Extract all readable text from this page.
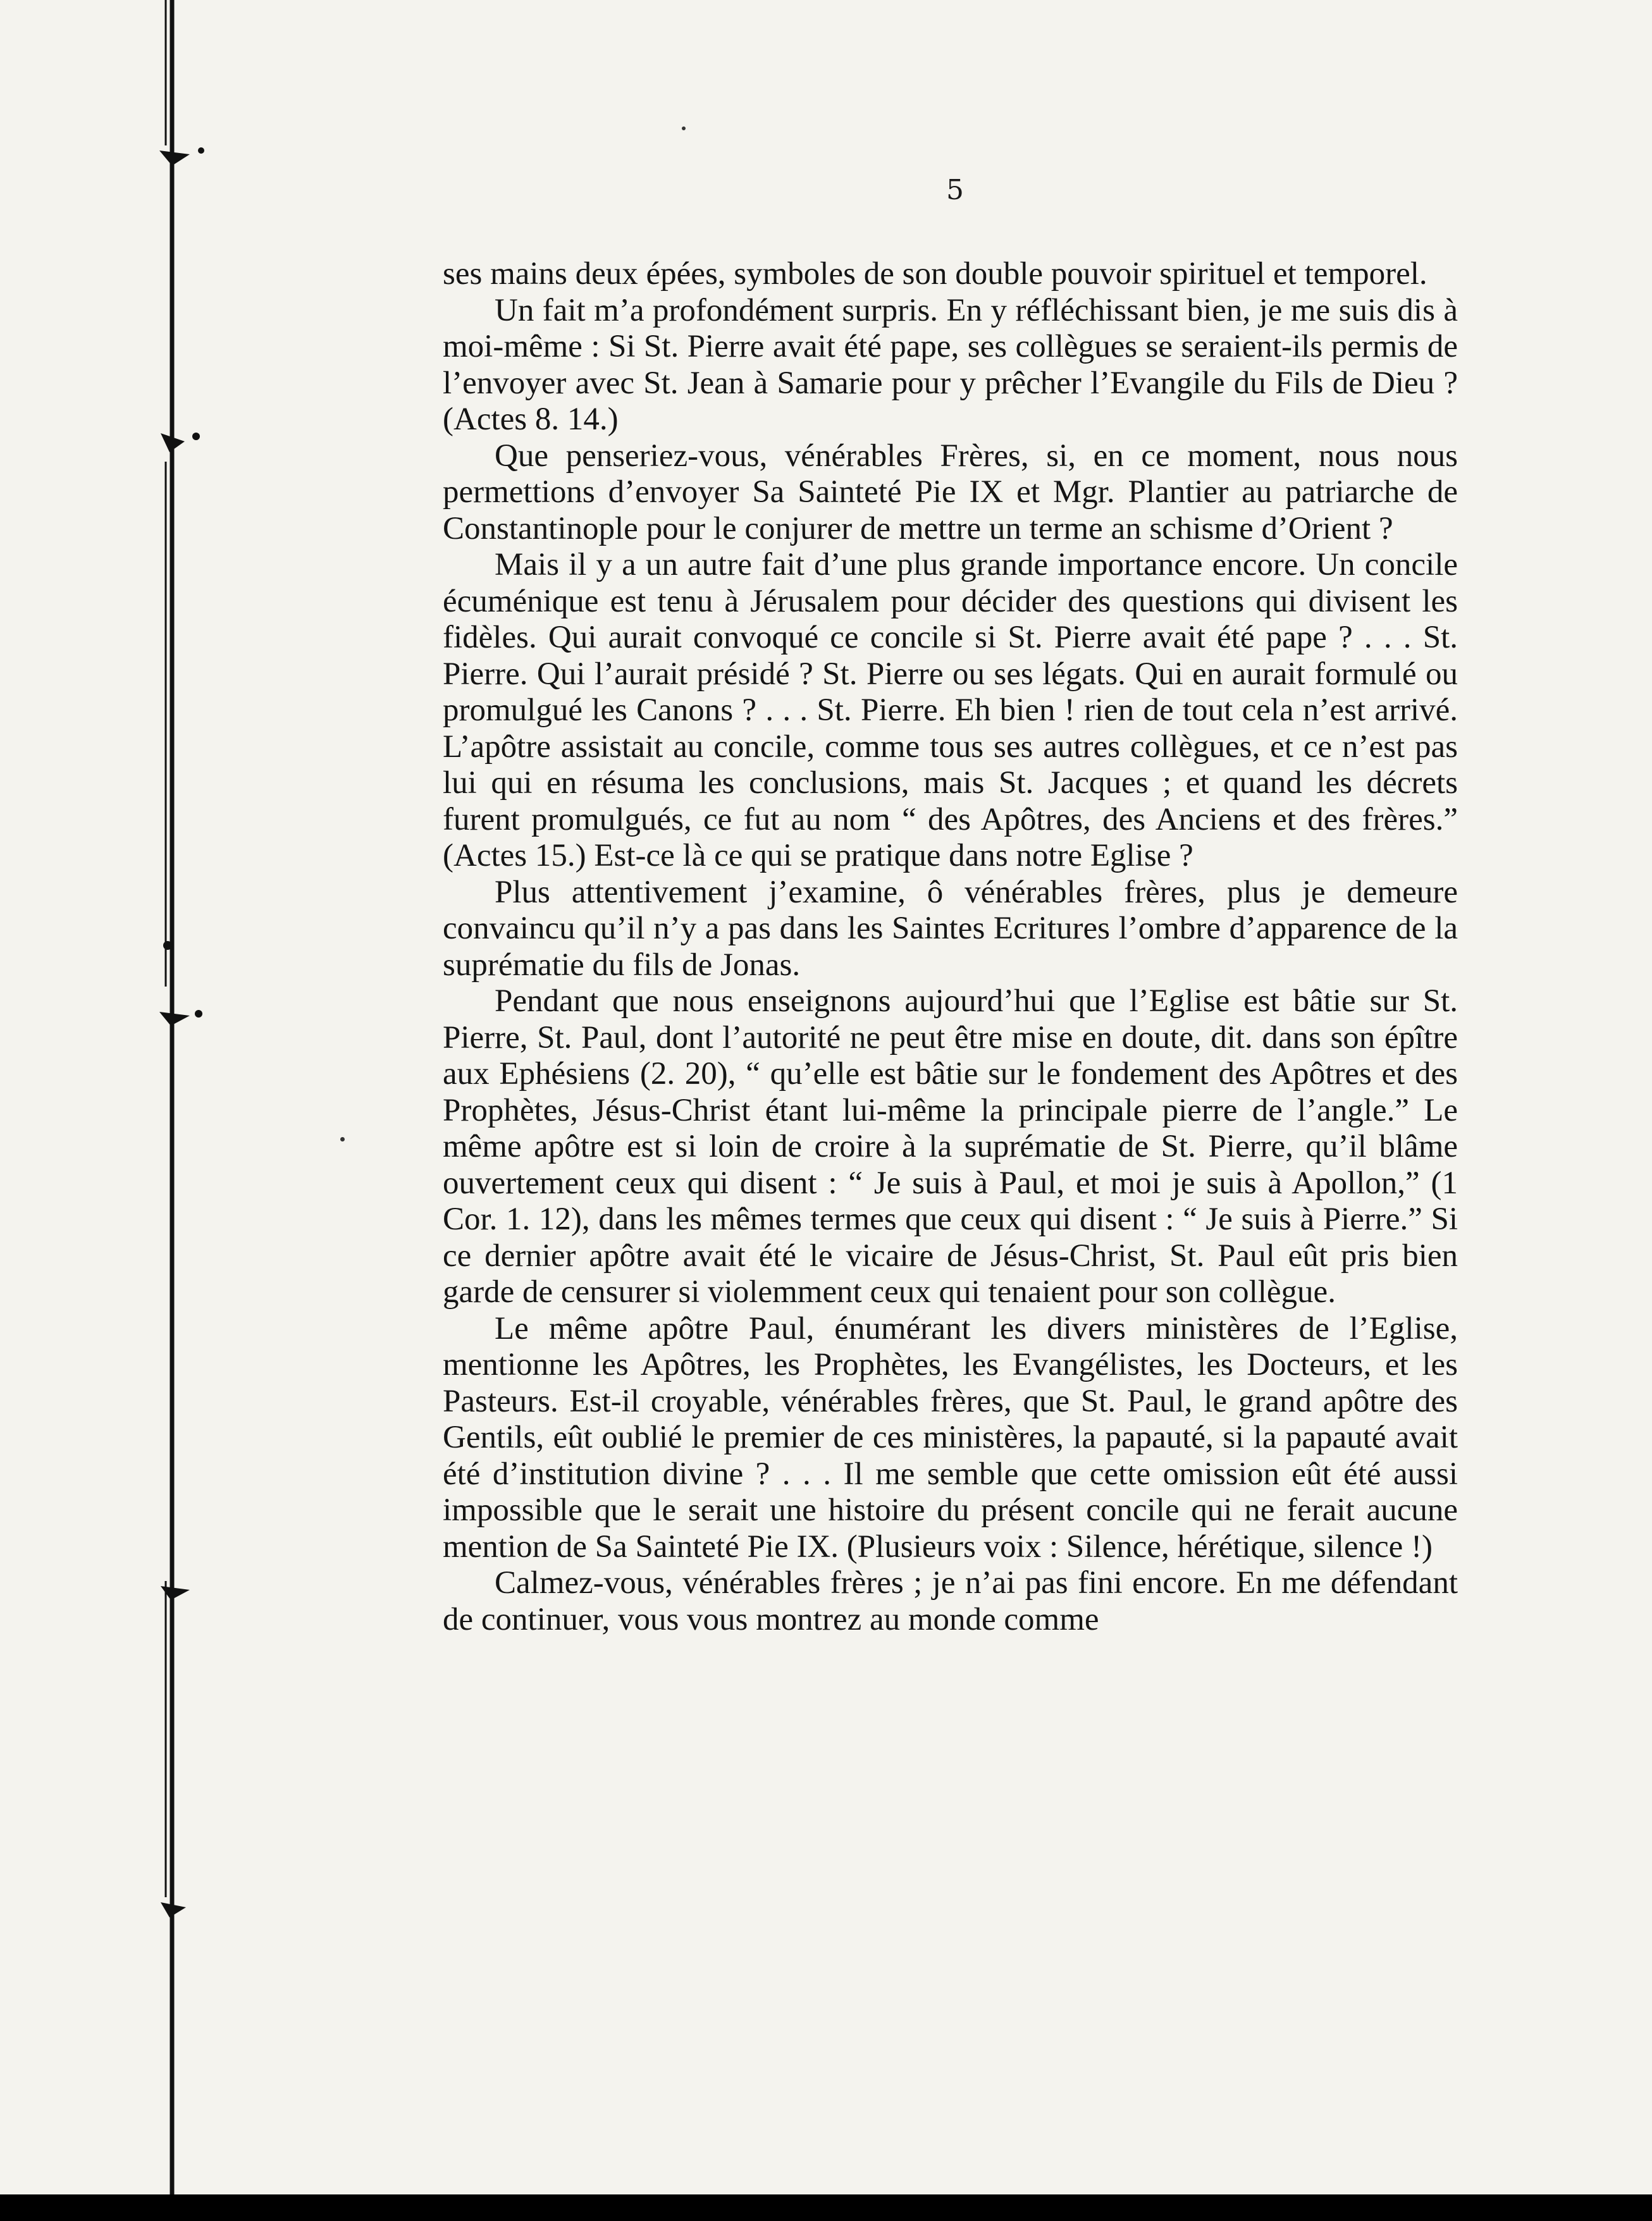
5

ses mains deux épées, symboles de son double pouvoir spirituel et temporel.

Un fait m’a profondément surpris. En y réfléchissant bien, je me suis dis à moi-même : Si St. Pierre avait été pape, ses collègues se seraient-ils permis de l’envoyer avec St. Jean à Samarie pour y prêcher l’Evangile du Fils de Dieu ? (Actes 8. 14.)

Que penseriez-vous, vénérables Frères, si, en ce moment, nous nous permettions d’envoyer Sa Sainteté Pie IX et Mgr. Plantier au patriarche de Constantinople pour le conjurer de mettre un terme an schisme d’Orient ?

Mais il y a un autre fait d’une plus grande importance encore. Un concile écuménique est tenu à Jérusalem pour décider des questions qui divisent les fidèles. Qui aurait convoqué ce concile si St. Pierre avait été pape ? . . . St. Pierre. Qui l’aurait présidé ? St. Pierre ou ses légats. Qui en aurait formulé ou promulgué les Canons ? . . . St. Pierre. Eh bien ! rien de tout cela n’est arrivé. L’apôtre assistait au concile, comme tous ses autres collègues, et ce n’est pas lui qui en résuma les conclusions, mais St. Jacques ; et quand les décrets furent promulgués, ce fut au nom “ des Apôtres, des Anciens et des frères.” (Actes 15.) Est-ce là ce qui se pratique dans notre Eglise ?

Plus attentivement j’examine, ô vénérables frères, plus je demeure convaincu qu’il n’y a pas dans les Saintes Ecritures l’ombre d’apparence de la suprématie du fils de Jonas.

Pendant que nous enseignons aujourd’hui que l’Eglise est bâtie sur St. Pierre, St. Paul, dont l’autorité ne peut être mise en doute, dit. dans son épître aux Ephésiens (2. 20), “ qu’elle est bâtie sur le fondement des Apôtres et des Prophètes, Jésus-Christ étant lui-même la principale pierre de l’angle.” Le même apôtre est si loin de croire à la suprématie de St. Pierre, qu’il blâme ouvertement ceux qui disent : “ Je suis à Paul, et moi je suis à Apollon,” (1 Cor. 1. 12), dans les mêmes termes que ceux qui disent : “ Je suis à Pierre.” Si ce dernier apôtre avait été le vicaire de Jésus-Christ, St. Paul eût pris bien garde de censurer si violemment ceux qui tenaient pour son collègue.

Le même apôtre Paul, énumérant les divers ministères de l’Eglise, mentionne les Apôtres, les Prophètes, les Evangélistes, les Docteurs, et les Pasteurs. Est-il croyable, vénérables frères, que St. Paul, le grand apôtre des Gentils, eût oublié le premier de ces ministères, la papauté, si la papauté avait été d’institution divine ? . . . Il me semble que cette omission eût été aussi impossible que le serait une histoire du présent concile qui ne ferait aucune mention de Sa Sainteté Pie IX. (Plusieurs voix : Silence, hérétique, silence !)

Calmez-vous, vénérables frères ; je n’ai pas fini encore. En me défendant de continuer, vous vous montrez au monde comme
